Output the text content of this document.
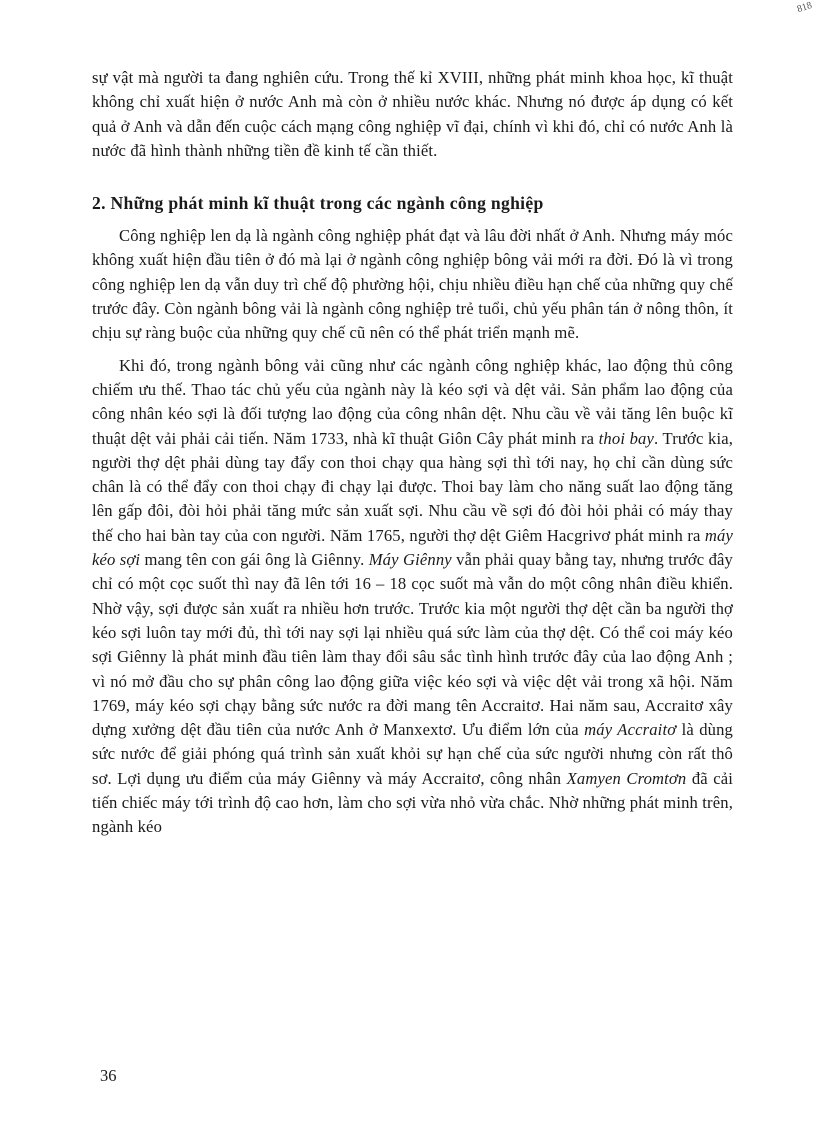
818

sự vật mà người ta đang nghiên cứu. Trong thế kỉ XVIII, những phát minh khoa học, kĩ thuật không chỉ xuất hiện ở nước Anh mà còn ở nhiều nước khác. Nhưng nó được áp dụng có kết quả ở Anh và dẫn đến cuộc cách mạng công nghiệp vĩ đại, chính vì khi đó, chỉ có nước Anh là nước đã hình thành những tiền đề kinh tế cần thiết.

2. Những phát minh kĩ thuật trong các ngành công nghiệp

Công nghiệp len dạ là ngành công nghiệp phát đạt và lâu đời nhất ở Anh. Nhưng máy móc không xuất hiện đầu tiên ở đó mà lại ở ngành công nghiệp bông vải mới ra đời. Đó là vì trong công nghiệp len dạ vẫn duy trì chế độ phường hội, chịu nhiều điều hạn chế của những quy chế trước đây. Còn ngành bông vải là ngành công nghiệp trẻ tuổi, chủ yếu phân tán ở nông thôn, ít chịu sự ràng buộc của những quy chế cũ nên có thể phát triển mạnh mẽ.

Khi đó, trong ngành bông vải cũng như các ngành công nghiệp khác, lao động thủ công chiếm ưu thế. Thao tác chủ yếu của ngành này là kéo sợi và dệt vải. Sản phẩm lao động của công nhân kéo sợi là đối tượng lao động của công nhân dệt. Nhu cầu về vải tăng lên buộc kĩ thuật dệt vải phải cải tiến. Năm 1733, nhà kĩ thuật Giôn Cây phát minh ra thoi bay. Trước kia, người thợ dệt phải dùng tay đẩy con thoi chạy qua hàng sợi thì tới nay, họ chỉ cần dùng sức chân là có thể đẩy con thoi chạy đi chạy lại được. Thoi bay làm cho năng suất lao động tăng lên gấp đôi, đòi hỏi phải tăng mức sản xuất sợi. Nhu cầu về sợi đó đòi hỏi phải có máy thay thế cho hai bàn tay của con người. Năm 1765, người thợ dệt Giêm Hacgrivơ phát minh ra máy kéo sợi mang tên con gái ông là Giênny. Máy Giênny vẫn phải quay bằng tay, nhưng trước đây chỉ có một cọc suốt thì nay đã lên tới 16 – 18 cọc suốt mà vẫn do một công nhân điều khiển. Nhờ vậy, sợi được sản xuất ra nhiều hơn trước. Trước kia một người thợ dệt cần ba người thợ kéo sợi luôn tay mới đủ, thì tới nay sợi lại nhiều quá sức làm của thợ dệt. Có thể coi máy kéo sợi Giênny là phát minh đầu tiên làm thay đổi sâu sắc tình hình trước đây của lao động Anh ; vì nó mở đầu cho sự phân công lao động giữa việc kéo sợi và việc dệt vải trong xã hội. Năm 1769, máy kéo sợi chạy bằng sức nước ra đời mang tên Accraitơ. Hai năm sau, Accraitơ xây dựng xưởng dệt đầu tiên của nước Anh ở Manxextơ. Ưu điểm lớn của máy Accraitơ là dùng sức nước để giải phóng quá trình sản xuất khỏi sự hạn chế của sức người nhưng còn rất thô sơ. Lợi dụng ưu điểm của máy Giênny và máy Accraitơ, công nhân Xamyen Cromtơn đã cải tiến chiếc máy tới trình độ cao hơn, làm cho sợi vừa nhỏ vừa chắc. Nhờ những phát minh trên, ngành kéo

36
